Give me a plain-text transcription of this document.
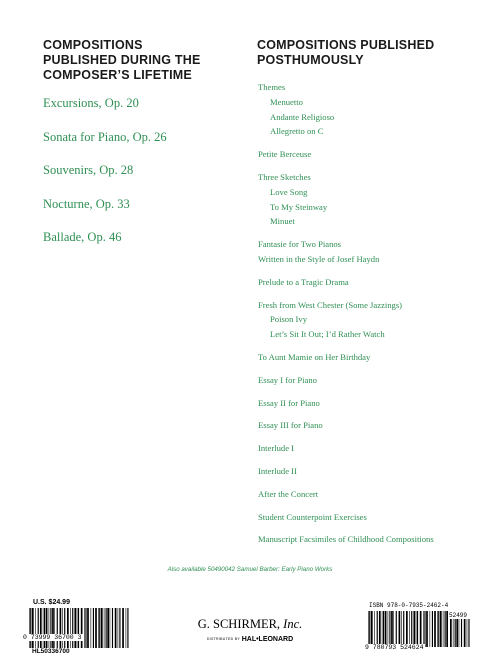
COMPOSITIONS
PUBLISHED DURING THE
COMPOSER’S LIFETIME
COMPOSITIONS PUBLISHED
POSTHUMOUSLY
Excursions, Op. 20
Sonata for Piano, Op. 26
Souvenirs, Op. 28
Nocturne, Op. 33
Ballade, Op. 46
Themes
Menuetto
Andante Religioso
Allegretto on C
Petite Berceuse
Three Sketches
Love Song
To My Steinway
Minuet
Fantasie for Two Pianos
Written in the Style of Josef Haydn
Prelude to a Tragic Drama
Fresh from West Chester (Some Jazzings)
Poison Ivy
Let’s Sit It Out; I’d Rather Watch
To Aunt Mamie on Her Birthday
Essay I for Piano
Essay II for Piano
Essay III for Piano
Interlude I
Interlude II
After the Concert
Student Counterpoint Exercises
Manuscript Facsimiles of Childhood Compositions
Also available 50490042 Samuel Barber: Early Piano Works
U.S. $24.99
0 73999 36700 3
HL50336700
G. SCHIRMER, Inc.
DISTRIBUTED BY HAL•LEONARD
ISBN 978-0-7935-2462-4
52499
9 780793 524624
